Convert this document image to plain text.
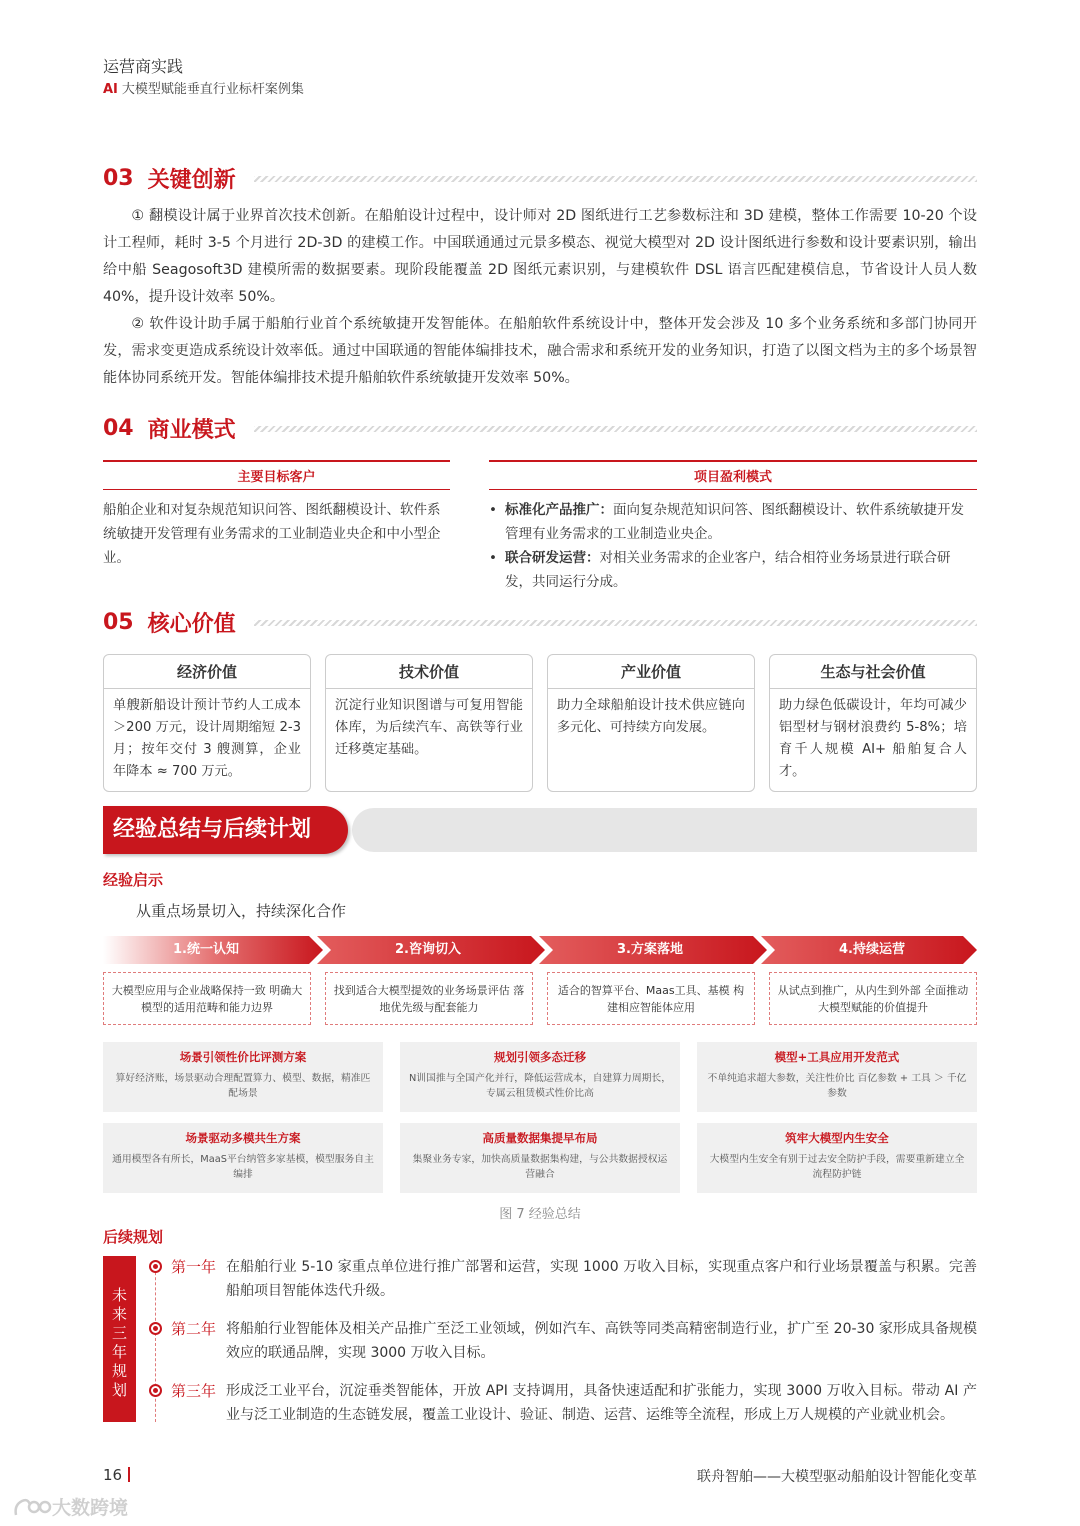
运营商实践
AI 大模型赋能垂直行业标杆案例集
03 关键创新

① 翻模设计属于业界首次技术创新。在船舶设计过程中，设计师对 2D 图纸进行工艺参数标注和 3D 建模，整体工作需要 10-20 个设计工程师，耗时 3-5 个月进行 2D-3D 的建模工作。中国联通通过元景多模态、视觉大模型对 2D 设计图纸进行参数和设计要素识别，输出给中船 Seagosoft3D 建模所需的数据要素。现阶段能覆盖 2D 图纸元素识别，与建模软件 DSL 语言匹配建模信息，节省设计人员人数 40%，提升设计效率 50%。

② 软件设计助手属于船舶行业首个系统敏捷开发智能体。在船舶软件系统设计中，整体开发会涉及 10 多个业务系统和多部门协同开发，需求变更造成系统设计效率低。通过中国联通的智能体编排技术，融合需求和系统开发的业务知识，打造了以图文档为主的多个场景智能体协同系统开发。智能体编排技术提升船舶软件系统敏捷开发效率 50%。

04 商业模式
主要目标客户
船舶企业和对复杂规范知识问答、图纸翻模设计、软件系统敏捷开发管理有业务需求的工业制造业央企和中小型企业。
项目盈利模式
• 标准化产品推广：面向复杂规范知识问答、图纸翻模设计、软件系统敏捷开发管理有业务需求的工业制造业央企。
• 联合研发运营：对相关业务需求的企业客户，结合相符业务场景进行联合研发，共同运行分成。
05 核心价值
经济价值
单艘新船设计预计节约人工成本＞200 万元，设计周期缩短 2-3 月；按年交付 3 艘测算，企业年降本 ≈ 700 万元。
技术价值
沉淀行业知识图谱与可复用智能体库，为后续汽车、高铁等行业迁移奠定基础。
产业价值
助力全球船舶设计技术供应链向多元化、可持续方向发展。
生态与社会价值
助力绿色低碳设计，年均可减少铝型材与钢材浪费约 5-8%；培育千人规模 AI+ 船舶复合人才。
经验总结与后续计划
经验启示
从重点场景切入，持续深化合作
1.统一认知	2.咨询切入	3.方案落地	4.持续运营
大模型应用与企业战略保持一致 明确大模型的适用范畴和能力边界
找到适合大模型提效的业务场景评估 落地优先级与配套能力
适合的智算平台、Maas工具、基模 构建相应智能体应用
从试点到推广，从内生到外部 全面推动大模型赋能的价值提升
场景引领性价比评测方案
算好经济账，场景驱动合理配置算力、模型、数据，精准匹配场景
规划引领多态迁移
N训国推与全国产化并行，降低运营成本，自建算力周期长，专属云租赁模式性价比高
模型+工具应用开发范式
不单纯追求超大参数，关注性价比 百亿参数 + 工具 ＞ 千亿参数
场景驱动多模共生方案
通用模型各有所长，MaaS平台纳管多家基模，模型服务自主编排
高质量数据集提早布局
集聚业务专家，加快高质量数据集构建，与公共数据授权运营融合
筑牢大模型内生安全
大模型内生安全有别于过去安全防护手段，需要重新建立全流程防护链
图 7 经验总结
后续规划
未
来
三
年
规
划
第一年 在船舶行业 5-10 家重点单位进行推广部署和运营，实现 1000 万收入目标，实现重点客户和行业场景覆盖与积累。完善船舶项目智能体迭代升级。
第二年 将船舶行业智能体及相关产品推广至泛工业领域，例如汽车、高铁等同类高精密制造行业，扩广至 20-30 家形成具备规模效应的联通品牌，实现 3000 万收入目标。
第三年 形成泛工业平台，沉淀垂类智能体，开放 API 支持调用，具备快速适配和扩张能力，实现 3000 万收入目标。带动 AI 产业与泛工业制造的生态链发展，覆盖工业设计、验证、制造、运营、运维等全流程，形成上万人规模的产业就业机会。
16	联舟智舶——大模型驱动船舶设计智能化变革
大数跨境
